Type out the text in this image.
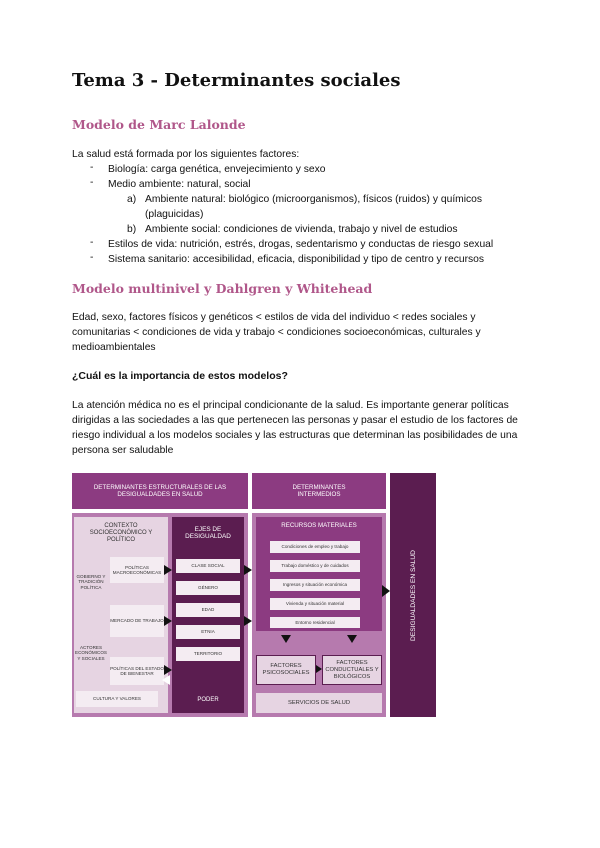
Tema 3 - Determinantes sociales
Modelo de Marc Lalonde

La salud está formada por los siguientes factores:

- Biología: carga genética, envejecimiento y sexo
- Medio ambiente: natural, social
a) Ambiente natural: biológico (microorganismos), físicos (ruidos) y químicos
(plaguicidas)
b) Ambiente social: condiciones de vivienda, trabajo y nivel de estudios
- Estilos de vida: nutrición, estrés, drogas, sedentarismo y conductas de riesgo sexual
- Sistema sanitario: accesibilidad, eficacia, disponibilidad y tipo de centro y recursos
Modelo multinivel y Dahlgren y Whitehead

Edad, sexo, factores físicos y genéticos < estilos de vida del individuo < redes sociales y comunitarias < condiciones de vida y trabajo < condiciones socioeconómicas, culturales y medioambientales

¿Cuál es la importancia de estos modelos?

La atención médica no es el principal condicionante de la salud. Es importante generar políticas dirigidas a las sociedades a las que pertenecen las personas y pasar el estudio de los factores de riesgo individual a los modelos sociales y las estructuras que determinan las posibilidades de una persona ser saludable

DETERMINANTES ESTRUCTURALES DE LAS DESIGUALDADES EN SALUD
DETERMINANTES INTERMEDIOS
CONTEXTO SOCIOECONÓMICO Y POLÍTICO
GOBIERNO Y TRADICIÓN POLÍTICA
ACTORES ECONÓMICOS Y SOCIALES
POLÍTICAS MACROECONÓMICAS
MERCADO DE TRABAJO
POLÍTICAS DEL ESTADO DE BIENESTAR
CULTURA Y VALORES
EJES DE DESIGUALDAD
CLASE SOCIAL
GÉNERO
EDAD
ETNIA
TERRITORIO
PODER
RECURSOS MATERIALES
Condiciones de empleo y trabajo
Trabajo doméstico y de cuidados
Ingresos y situación económica
Vivienda y situación material
Entorno residencial
FACTORES PSICOSOCIALES
FACTORES CONDUCTUALES Y BIOLÓGICOS
SERVICIOS DE SALUD
DESIGUALDADES EN SALUD
